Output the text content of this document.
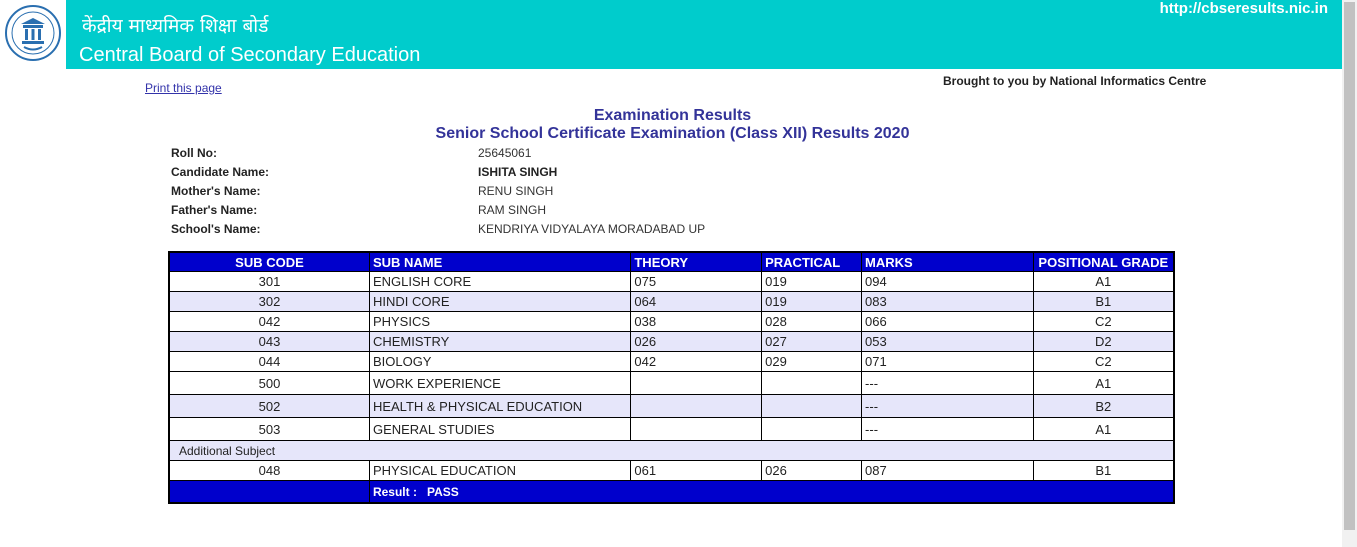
केंद्रीय माध्यमिक शिक्षा बोर्ड
Central Board of Secondary Education
http://cbseresults.nic.in
Print this page	Brought to you by National Informatics Centre
Examination Results
Senior School Certificate Examination (Class XII) Results 2020
Roll No:	25645061
Candidate Name:	ISHITA SINGH
Mother's Name:	RENU SINGH
Father's Name:	RAM SINGH
School's Name:	KENDRIYA VIDYALAYA MORADABAD UP
SUB CODE	SUB NAME	THEORY	PRACTICAL	MARKS	POSITIONAL GRADE
301	ENGLISH CORE	075	019	094	A1
302	HINDI CORE	064	019	083	B1
042	PHYSICS	038	028	066	C2
043	CHEMISTRY	026	027	053	D2
044	BIOLOGY	042	029	071	C2
500	WORK EXPERIENCE			---	A1
502	HEALTH & PHYSICAL EDUCATION			---	B2
503	GENERAL STUDIES			---	A1
Additional Subject					
048	PHYSICAL EDUCATION	061	026	087	B1
	Result : PASS				
